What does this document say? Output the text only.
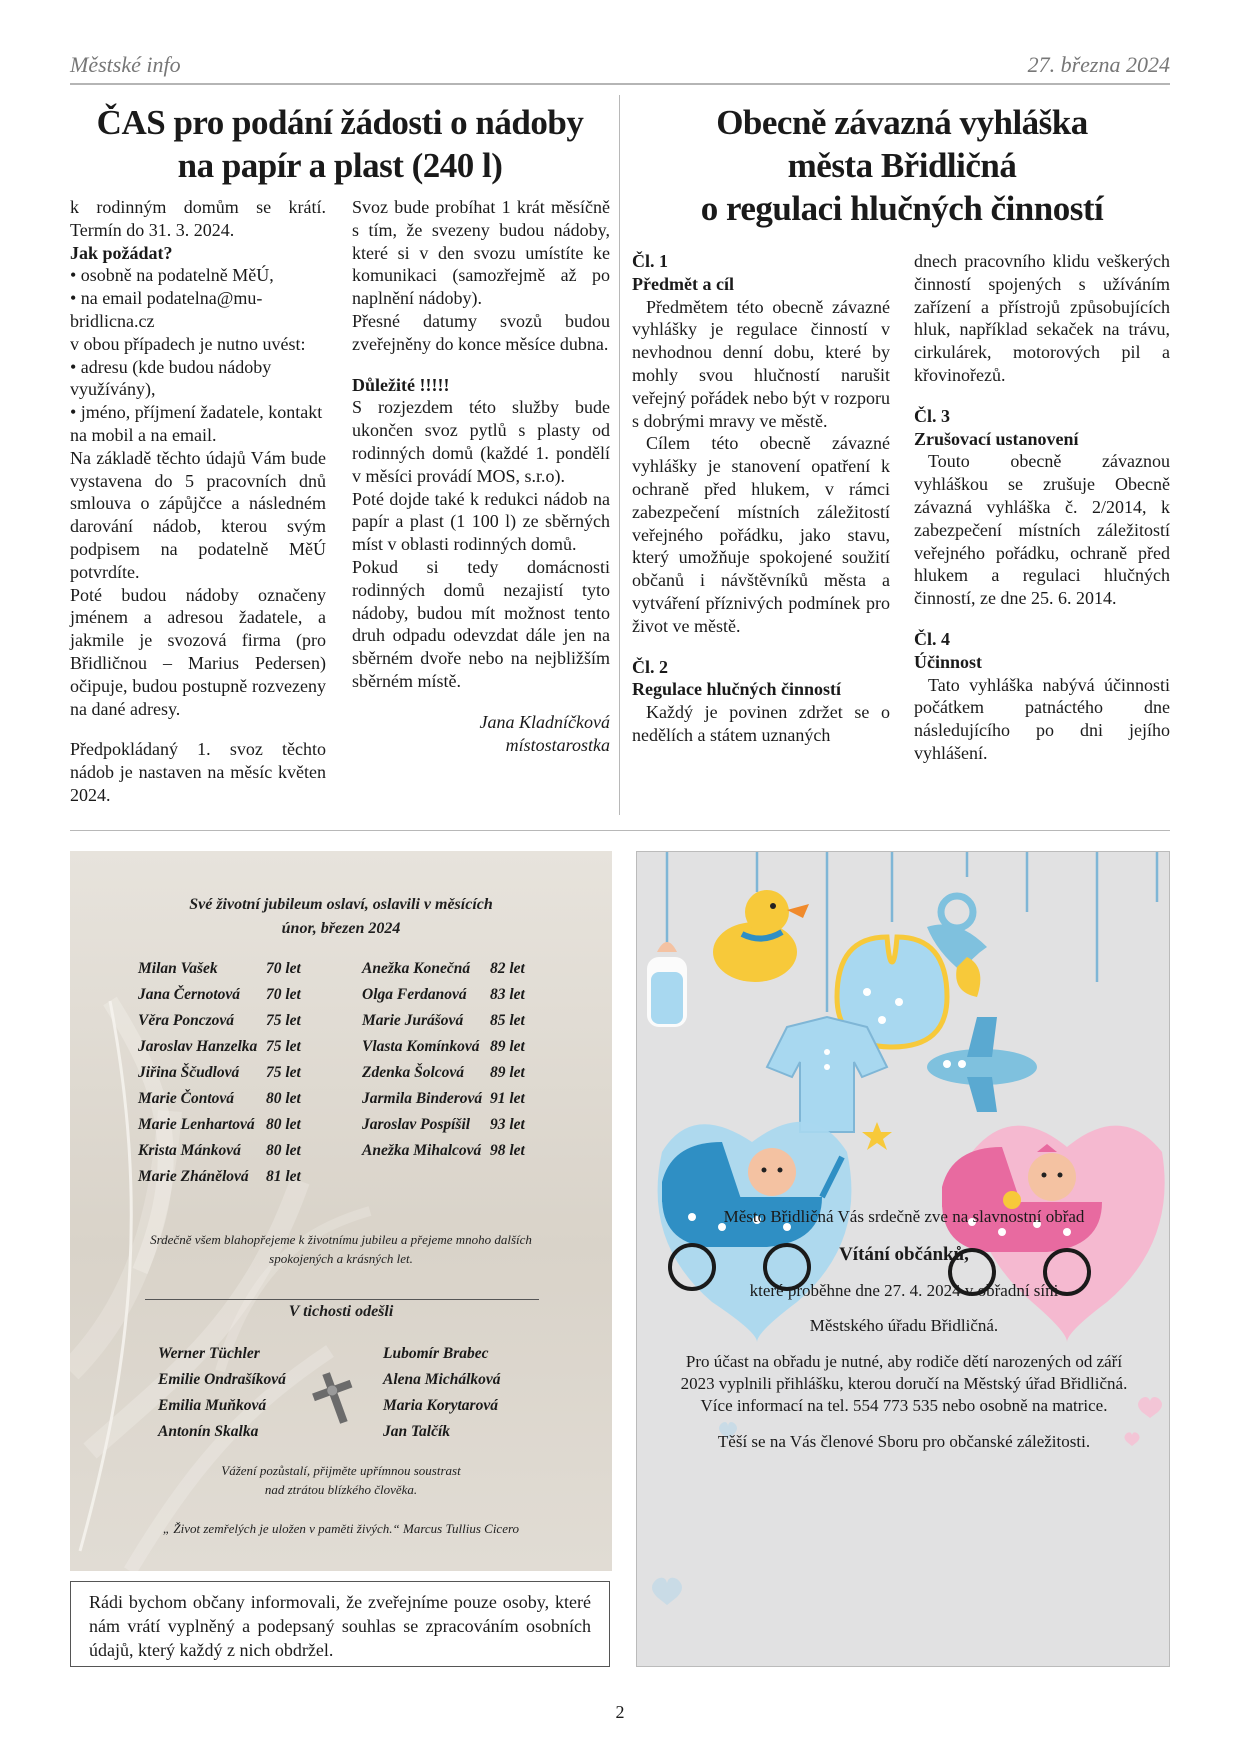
Městské info	27. března 2024
ČAS pro podání žádosti o nádoby
na papír a plast (240 l)

k rodinným domům se krátí. Termín do 31. 3. 2024.

Jak požádat?

• osobně na podatelně MěÚ,

• na email podatelna@mu-bridlicna.cz

v obou případech je nutno uvést:

• adresu (kde budou nádoby využívány),

• jméno, příjmení žadatele, kontakt na mobil a na email.

Na základě těchto údajů Vám bude vystavena do 5 pracovních dnů smlouva o zápůjčce a následném darování nádob, kterou svým podpisem na podatelně MěÚ potvrdíte.

Poté budou nádoby označeny jménem a adresou žadatele, a jakmile je svozová firma (pro Břidličnou – Marius Pedersen) očipuje, budou postupně rozvezeny na dané adresy.

Předpokládaný 1. svoz těchto nádob je nastaven na měsíc květen 2024.

Svoz bude probíhat 1 krát měsíčně s tím, že svezeny budou nádoby, které si v den svozu umístíte ke komunikaci (samozřejmě až po naplnění nádoby).

Přesné datumy svozů budou zveřejněny do konce měsíce dubna.

Důležité !!!!!

S rozjezdem této služby bude ukončen svoz pytlů s plasty od rodinných domů (každé 1. pondělí v měsíci provádí MOS, s.r.o).

Poté dojde také k redukci nádob na papír a plast (1 100 l) ze sběrných míst v oblasti rodinných domů.

Pokud si tedy domácnosti rodinných domů nezajistí tyto nádoby, budou mít možnost tento druh odpadu odevzdat dále jen na sběrném dvoře nebo na nejbližším sběrném místě.

Jana Kladníčková

místostarostka

Obecně závazná vyhláška
města Břidličná
o regulaci hlučných činností

Čl. 1

Předmět a cíl

Předmětem této obecně závazné vyhlášky je regulace činností v nevhodnou denní dobu, které by mohly svou hlučností narušit veřejný pořádek nebo být v rozporu s dobrými mravy ve městě.

Cílem této obecně závazné vyhlášky je stanovení opatření k ochraně před hlukem, v rámci zabezpečení místních záležitostí veřejného pořádku, jako stavu, který umožňuje spokojené soužití občanů i návštěvníků města a vytváření příznivých podmínek pro život ve městě.

Čl. 2

Regulace hlučných činností

Každý je povinen zdržet se o nedělích a státem uznaných

dnech pracovního klidu veškerých činností spojených s užíváním zařízení a přístrojů způsobujících hluk, například sekaček na trávu, cirkulárek, motorových pil a křovinořezů.

Čl. 3

Zrušovací ustanovení

Touto obecně závaznou vyhláškou se zrušuje Obecně závazná vyhláška č. 2/2014, k zabezpečení místních záležitostí veřejného pořádku, ochraně před hlukem a regulaci hlučných činností, ze dne 25. 6. 2014.

Čl. 4

Účinnost

Tato vyhláška nabývá účinnosti počátkem patnáctého dne následujícího po dni jejího vyhlášení.

Své životní jubileum oslaví, oslavili v měsících
únor, březen 2024
Milan Vašek	70 let
Jana Černotová 70 let
Věra Ponczová 75 let
Jaroslav Hanzelka 75 let
Jiřina Ščudlová 75 let
Marie Čontová 80 let
Marie Lenhartová 80 let
Krista Mánková 80 let
Marie Zhánělová 81 let
Anežka Konečná 82 let
Olga Ferdanová 83 let
Marie Jurášová 85 let
Vlasta Komínková 89 let
Zdenka Šolcová 89 let
Jarmila Binderová 91 let
Jaroslav Pospíšil 93 let
Anežka Mihalcová 98 let
Srdečně všem blahopřejeme k životnímu jubileu a přejeme mnoho dalších
spokojených a krásných let.
V tichosti odešli
Werner Tüchler
Emilie Ondrašíková
Emilia Muňková
Antonín Skalka
Lubomír Brabec
Alena Michálková
Maria Korytarová
Jan Talčík
Vážení pozůstalí, přijměte upřímnou soustrast
nad ztrátou blízkého člověka.
„ Život zemřelých je uložen v paměti živých.“ Marcus Tullius Cicero
Rádi bychom občany informovali, že zveřejníme pouze osoby, které nám vrátí vyplněný a podepsaný souhlas se zpracováním osobních údajů, který každý z nich obdržel.
Město Břidličná Vás srdečně zve na slavnostní obřad
Vítání občánků,
které proběhne dne 27. 4. 2024 v obřadní síni
Městského úřadu Břidličná.
Pro účast na obřadu je nutné, aby rodiče dětí narozených od září
2023 vyplnili přihlášku, kterou doručí na Městský úřad Břidličná.
Více informací na tel. 554 773 535 nebo osobně na matrice.
Těší se na Vás členové Sboru pro občanské záležitosti.
2
